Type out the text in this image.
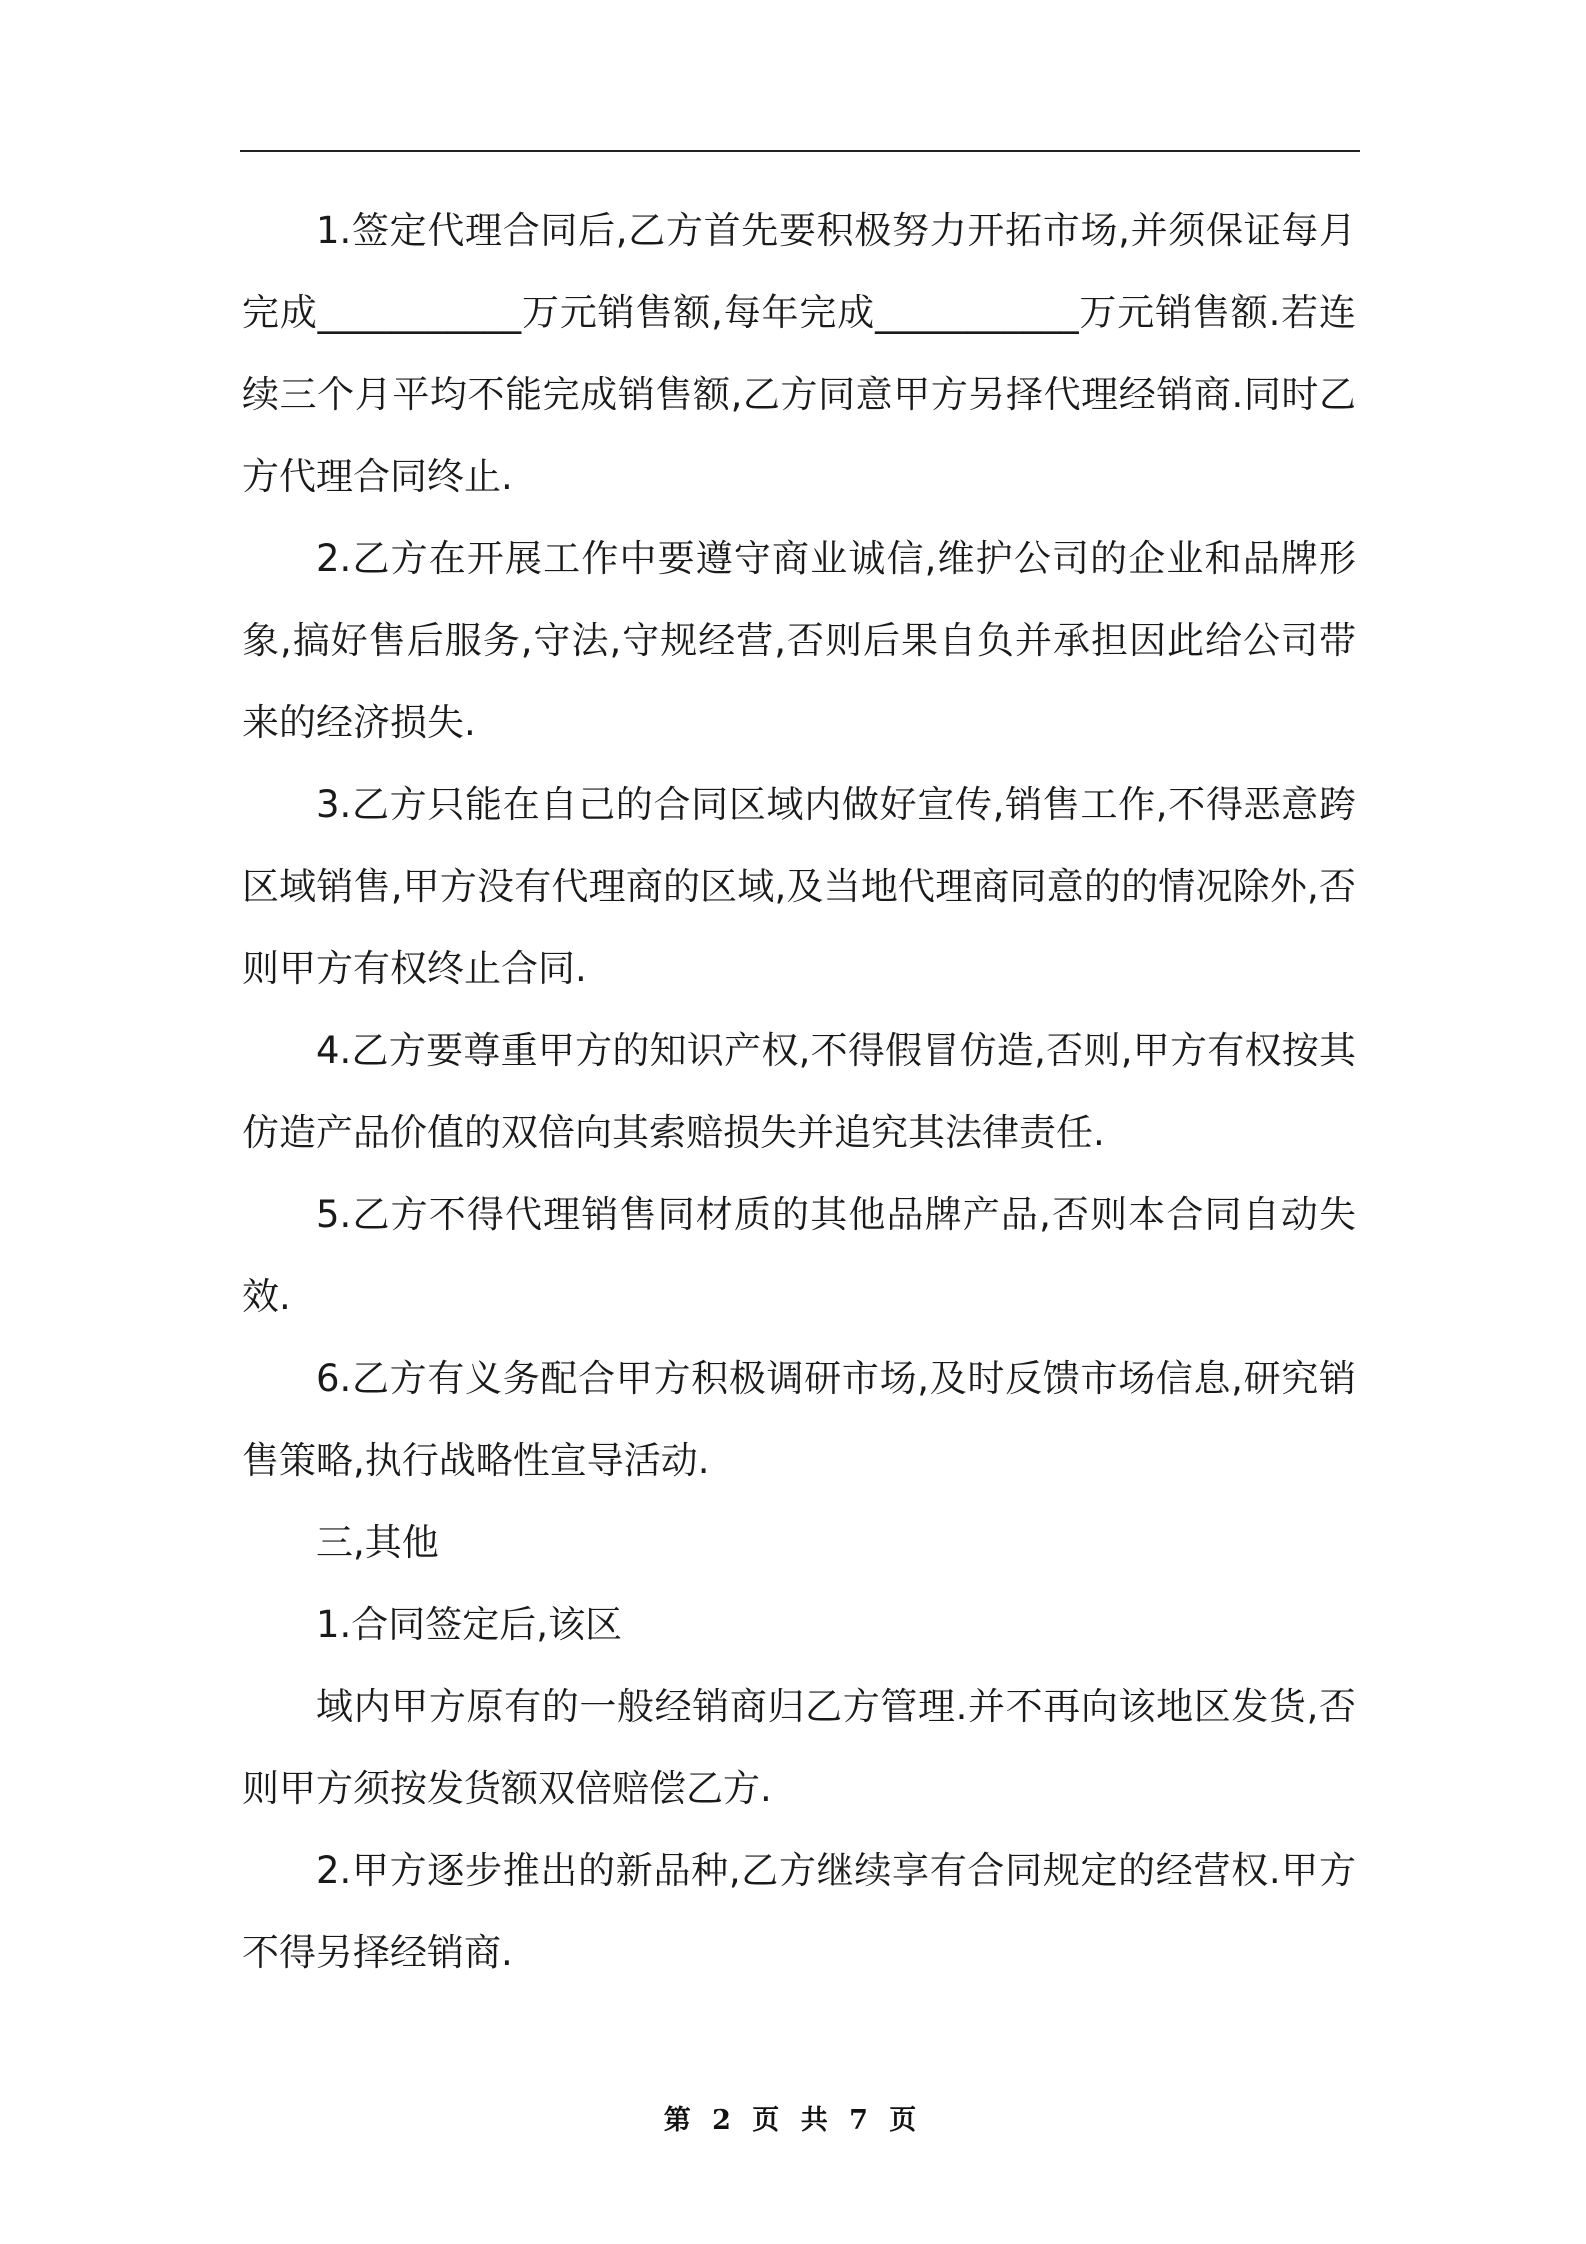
1.签定代理合同后,乙方首先要积极努力开拓市场,并须保证每月完成___________万元销售额,每年完成___________万元销售额.若连续三个月平均不能完成销售额,乙方同意甲方另择代理经销商.同时乙方代理合同终止.

2.乙方在开展工作中要遵守商业诚信,维护公司的企业和品牌形象,搞好售后服务,守法,守规经营,否则后果自负并承担因此给公司带来的经济损失.

3.乙方只能在自己的合同区域内做好宣传,销售工作,不得恶意跨区域销售,甲方没有代理商的区域,及当地代理商同意的的情况除外,否则甲方有权终止合同.

4.乙方要尊重甲方的知识产权,不得假冒仿造,否则,甲方有权按其仿造产品价值的双倍向其索赔损失并追究其法律责任.

5.乙方不得代理销售同材质的其他品牌产品,否则本合同自动失效.

6.乙方有义务配合甲方积极调研市场,及时反馈市场信息,研究销售策略,执行战略性宣导活动.

三,其他

1.合同签定后,该区

域内甲方原有的一般经销商归乙方管理.并不再向该地区发货,否则甲方须按发货额双倍赔偿乙方.

2.甲方逐步推出的新品种,乙方继续享有合同规定的经营权.甲方不得另择经销商.

第 2 页 共 7 页
